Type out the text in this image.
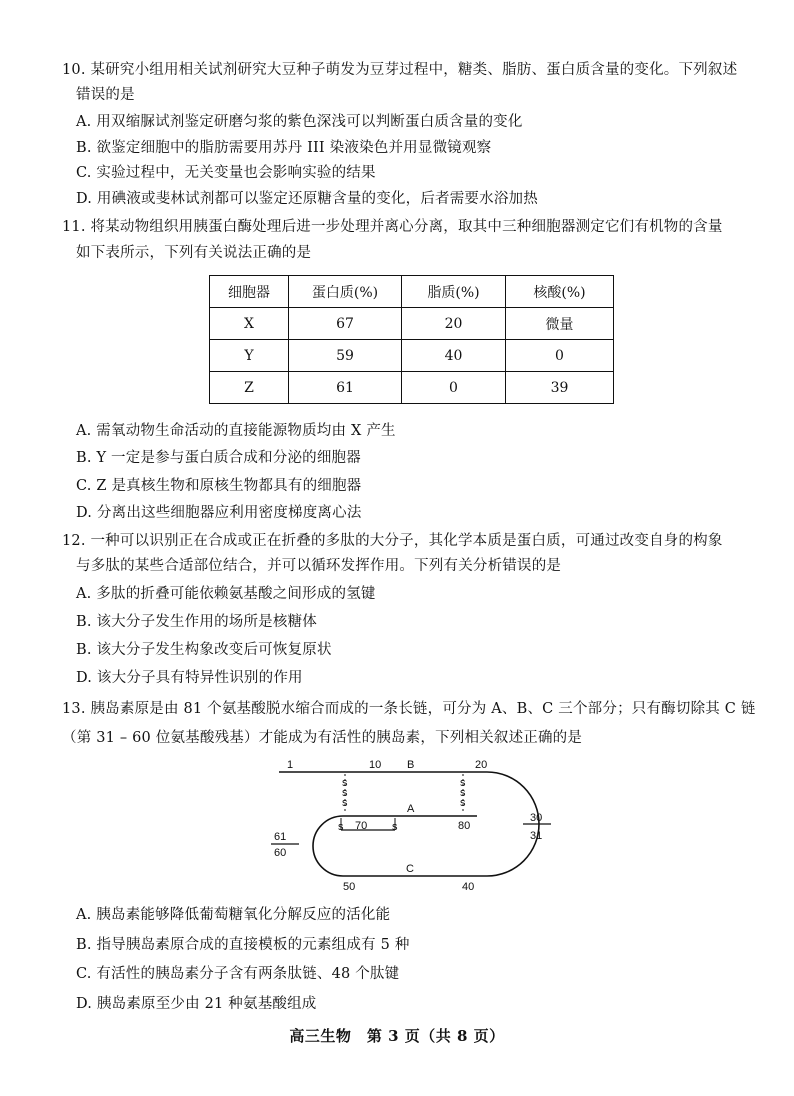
10. 某研究小组用相关试剂研究大豆种子萌发为豆芽过程中，糖类、脂肪、蛋白质含量的变化。下列叙述
错误的是
A. 用双缩脲试剂鉴定研磨匀浆的紫色深浅可以判断蛋白质含量的变化
B. 欲鉴定细胞中的脂肪需要用苏丹 III 染液染色并用显微镜观察
C. 实验过程中，无关变量也会影响实验的结果
D. 用碘液或斐林试剂都可以鉴定还原糖含量的变化，后者需要水浴加热
11. 将某动物组织用胰蛋白酶处理后进一步处理并离心分离，取其中三种细胞器测定它们有机物的含量
如下表所示，下列有关说法正确的是
细胞器	蛋白质(%)	脂质(%)	核酸(%)
X	67	20	微量
Y	59	40	0
Z	61	0	39
A. 需氧动物生命活动的直接能源物质均由 X 产生
B. Y 一定是参与蛋白质合成和分泌的细胞器
C. Z 是真核生物和原核生物都具有的细胞器
D. 分离出这些细胞器应利用密度梯度离心法
12. 一种可以识别正在合成或正在折叠的多肽的大分子，其化学本质是蛋白质，可通过改变自身的构象
与多肽的某些合适部位结合，并可以循环发挥作用。下列有关分析错误的是
A. 多肽的折叠可能依赖氨基酸之间形成的氢键
B. 该大分子发生作用的场所是核糖体
B. 该大分子发生构象改变后可恢复原状
D. 该大分子具有特异性识别的作用
13. 胰岛素原是由 81 个氨基酸脱水缩合而成的一条长链，可分为 A、B、C 三个部分；只有酶切除其 C 链
（第 31 – 60 位氨基酸残基）才能成为有活性的胰岛素，下列相关叙述正确的是
s
s
s
s
s
s
s	s
1	10 B	20
A
70	80
30
31
61
60
C
50	40
A. 胰岛素能够降低葡萄糖氧化分解反应的活化能
B. 指导胰岛素原合成的直接模板的元素组成有 5 种
C. 有活性的胰岛素分子含有两条肽链、48 个肽键
D. 胰岛素原至少由 21 种氨基酸组成
高三生物　第 3 页（共 8 页）
